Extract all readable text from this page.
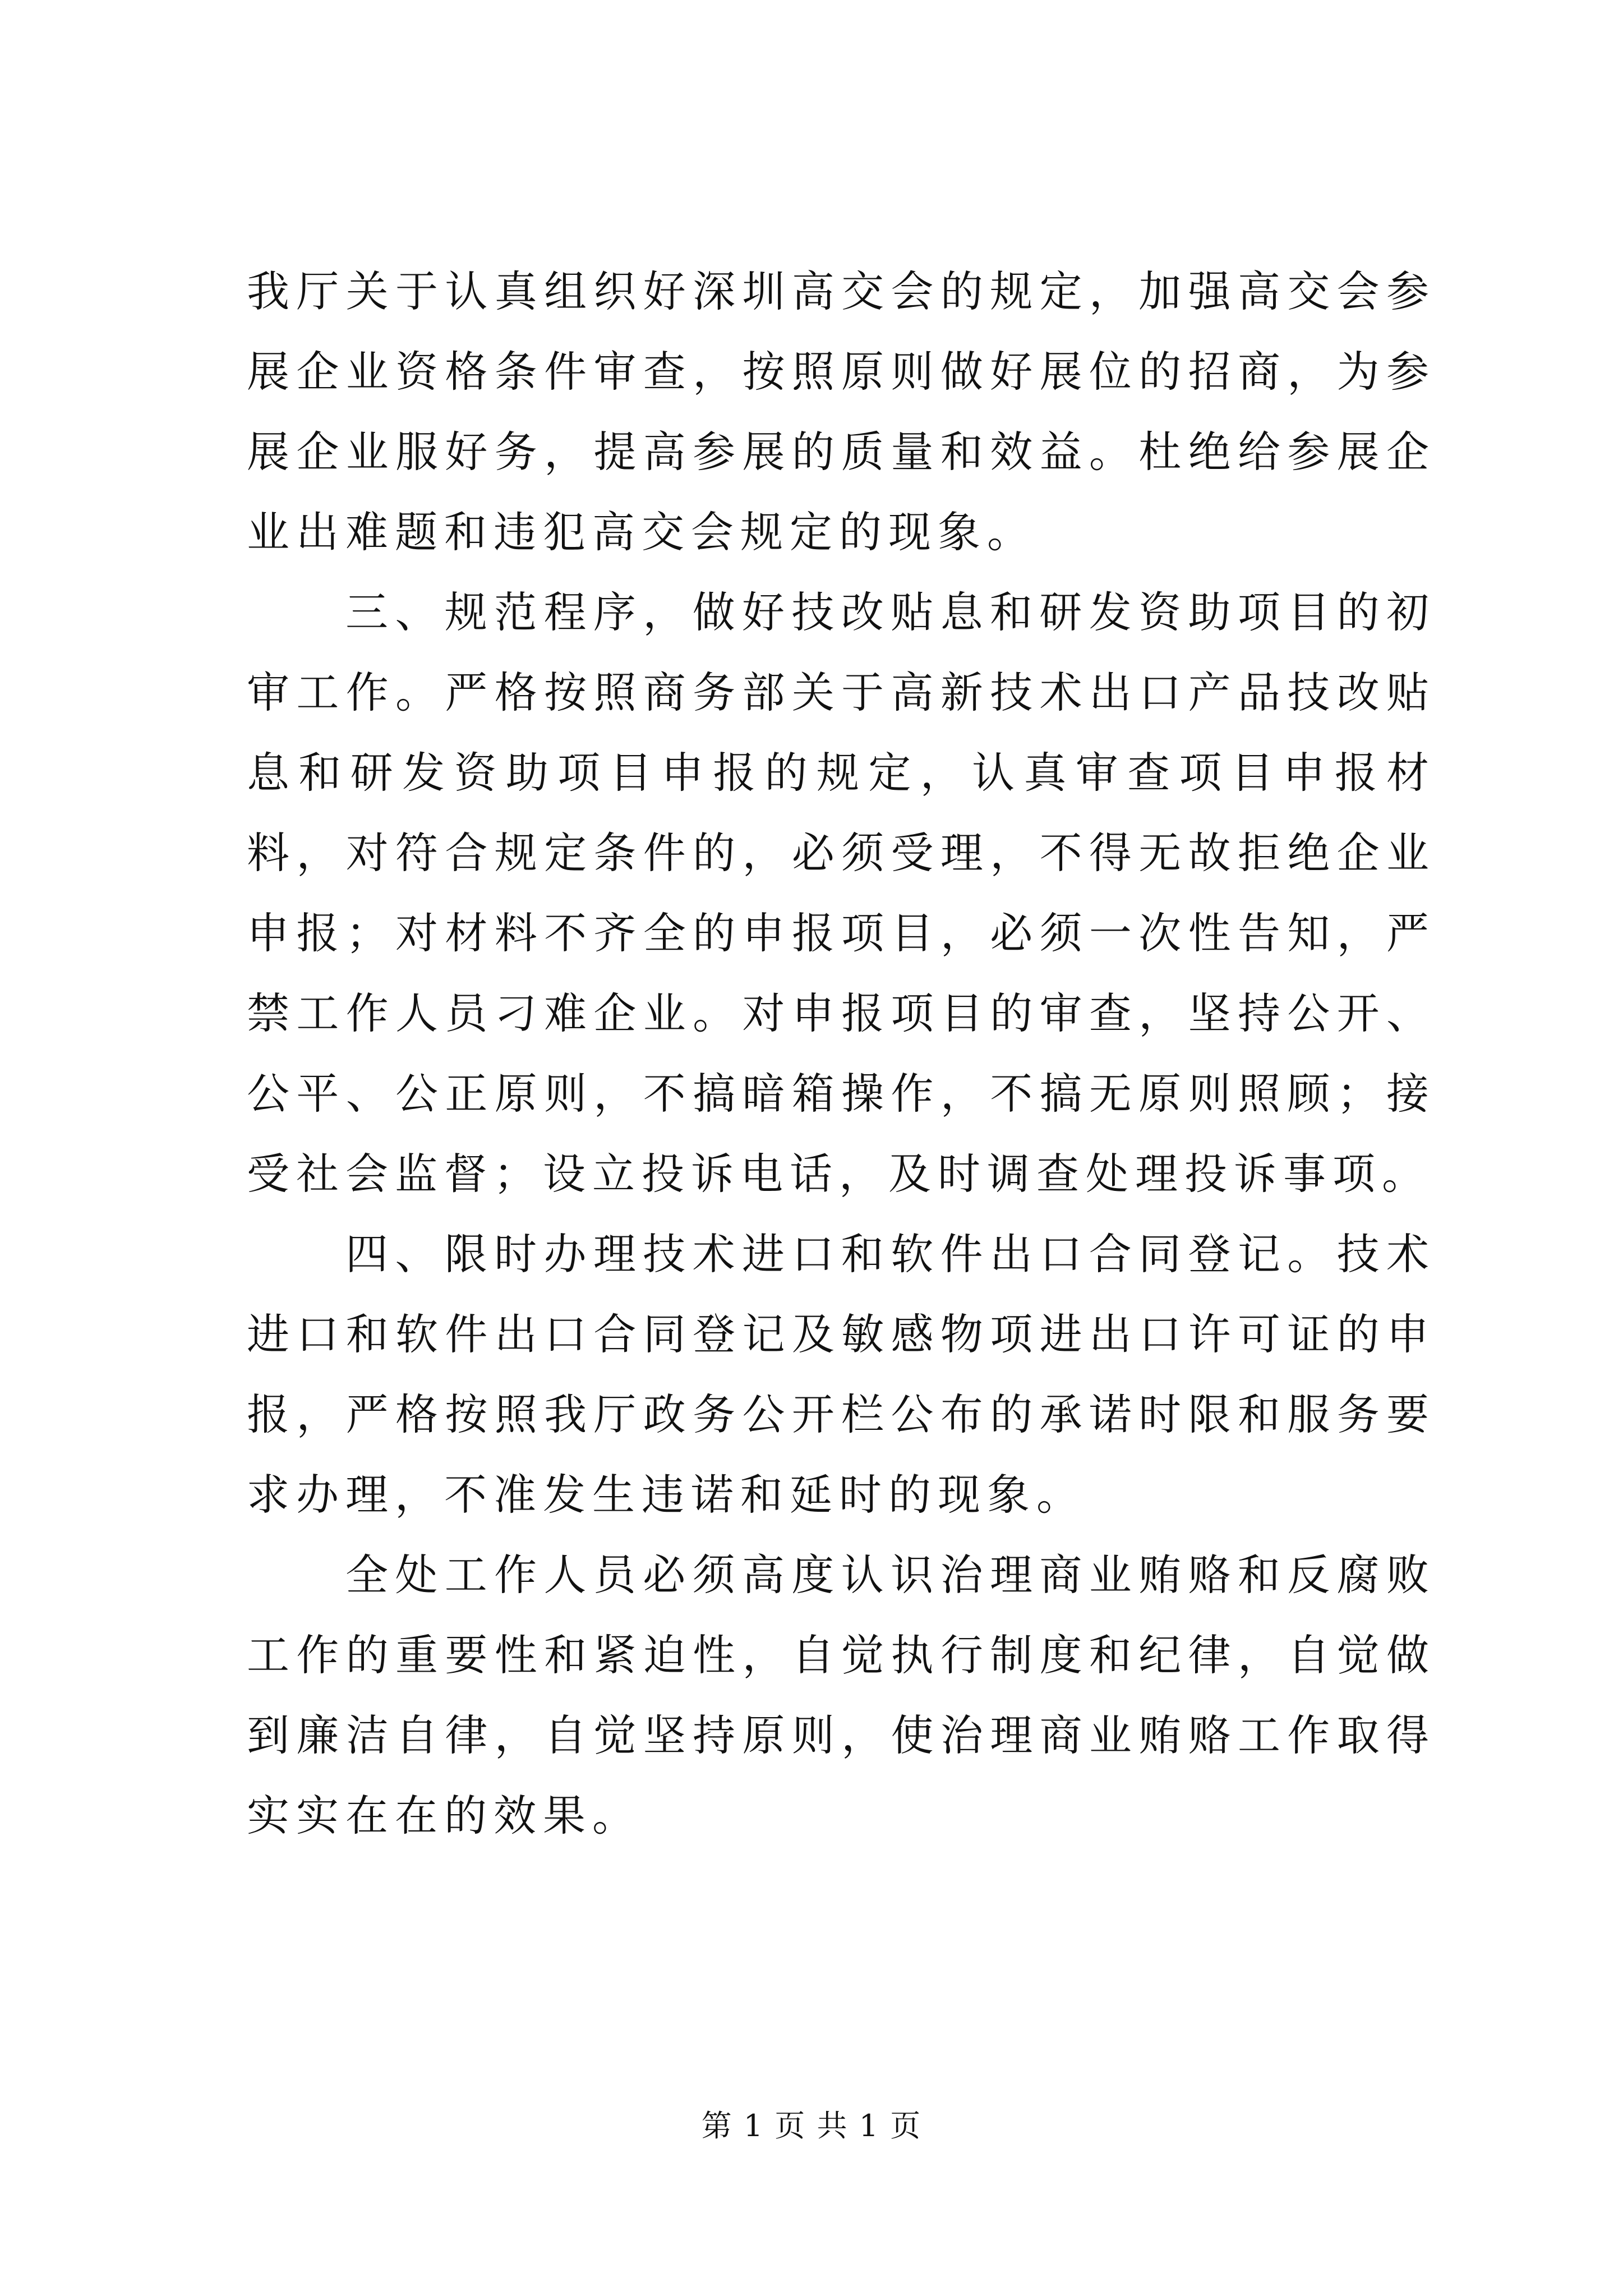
我厅关于认真组织好深圳高交会的规定，加强高交会参展企业资格条件审查，按照原则做好展位的招商，为参展企业服好务，提高参展的质量和效益。杜绝给参展企业出难题和违犯高交会规定的现象。

三、规范程序，做好技改贴息和研发资助项目的初审工作。严格按照商务部关于高新技术出口产品技改贴息和研发资助项目申报的规定，认真审查项目申报材料，对符合规定条件的，必须受理，不得无故拒绝企业申报；对材料不齐全的申报项目，必须一次性告知，严禁工作人员刁难企业。对申报项目的审查，坚持公开、公平、公正原则，不搞暗箱操作，不搞无原则照顾；接受社会监督；设立投诉电话，及时调查处理投诉事项。

四、限时办理技术进口和软件出口合同登记。技术进口和软件出口合同登记及敏感物项进出口许可证的申报，严格按照我厅政务公开栏公布的承诺时限和服务要求办理，不准发生违诺和延时的现象。

全处工作人员必须高度认识治理商业贿赂和反腐败工作的重要性和紧迫性，自觉执行制度和纪律，自觉做到廉洁自律，自觉坚持原则，使治理商业贿赂工作取得实实在在的效果。

第 1 页 共 1 页
